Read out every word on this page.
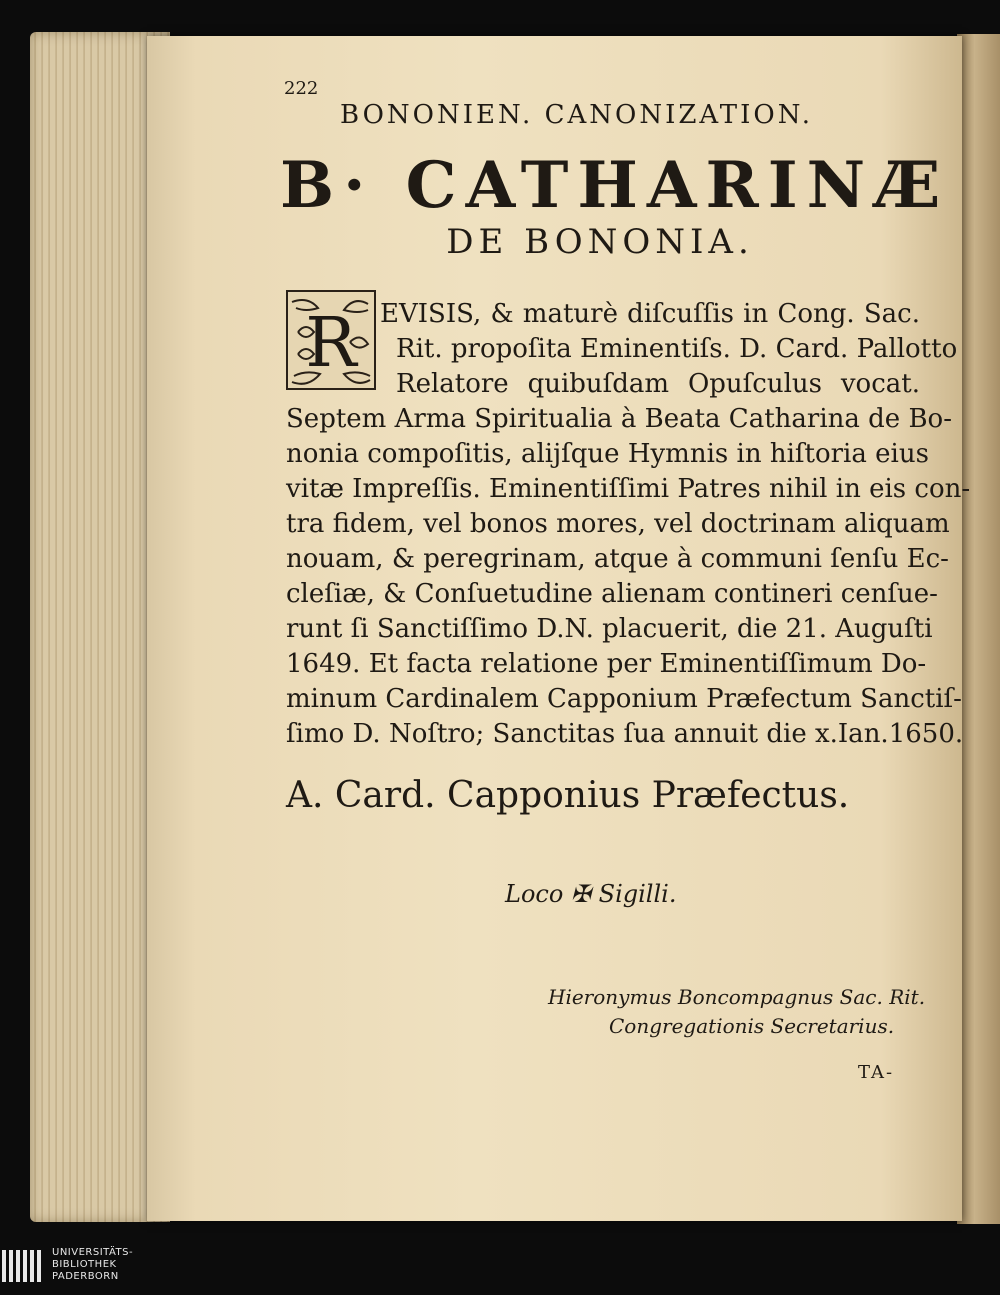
222
BONONIEN. CANONIZATION.
B· CATHARINÆ
DE BONONIA.
R EVISIS, & maturè diſcuſſis in Cong. Sac.
Rit. propoſita Eminentiſs. D. Card. Pallotto
Relatore quibuſdam Opuſculus vocat.
Septem Arma Spiritualia à Beata Catharina de Bo-
nonia compoſitis, alijſque Hymnis in hiſtoria eius
vitæ Impreſſis. Eminentiſſimi Patres nihil in eis con-
tra fidem, vel bonos mores, vel doctrinam aliquam
nouam, & peregrinam, atque à communi ſenſu Ec-
cleſiæ, & Conſuetudine alienam contineri cenſue-
runt ſi Sanctiſſimo D.N. placuerit, die 21. Auguſti
1649. Et facta relatione per Eminentiſſimum Do-
minum Cardinalem Capponium Præfectum Sanctiſ-
ſimo D. Noſtro; Sanctitas ſua annuit die x.Ian.1650.
A. Card. Capponius Præfectus.
Loco ✠ Sigilli.
Hieronymus Boncompagnus Sac. Rit.
Congregationis Secretarius.
TA-
UNIVERSITÄTS-
BIBLIOTHEK
PADERBORN
